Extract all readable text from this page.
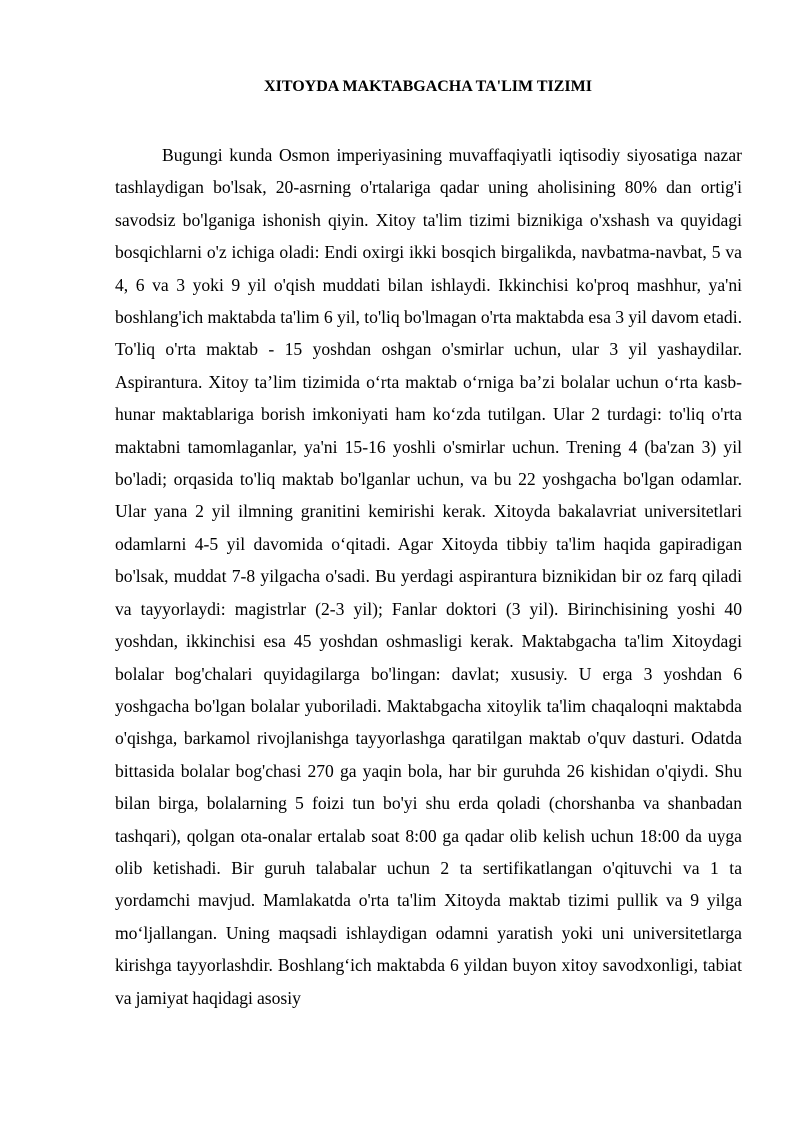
XITOYDA MAKTABGACHA TA'LIM TIZIMI

Bugungi kunda Osmon imperiyasining muvaffaqiyatli iqtisodiy siyosatiga nazar tashlaydigan bo'lsak, 20-asrning o'rtalariga qadar uning aholisining 80% dan ortig'i savodsiz bo'lganiga ishonish qiyin. Xitoy ta'lim tizimi biznikiga o'xshash va quyidagi bosqichlarni o'z ichiga oladi: Endi oxirgi ikki bosqich birgalikda, navbatma-navbat, 5 va 4, 6 va 3 yoki 9 yil o'qish muddati bilan ishlaydi. Ikkinchisi ko'proq mashhur, ya'ni boshlang'ich maktabda ta'lim 6 yil, to'liq bo'lmagan o'rta maktabda esa 3 yil davom etadi. To'liq o'rta maktab - 15 yoshdan oshgan o'smirlar uchun, ular 3 yil yashaydilar. Aspirantura. Xitoy ta’lim tizimida o‘rta maktab o‘rniga ba’zi bolalar uchun o‘rta kasb-hunar maktablariga borish imkoniyati ham ko‘zda tutilgan. Ular 2 turdagi: to'liq o'rta maktabni tamomlaganlar, ya'ni 15-16 yoshli o'smirlar uchun. Trening 4 (ba'zan 3) yil bo'ladi; orqasida to'liq maktab bo'lganlar uchun, va bu 22 yoshgacha bo'lgan odamlar. Ular yana 2 yil ilmning granitini kemirishi kerak. Xitoyda bakalavriat universitetlari odamlarni 4-5 yil davomida o‘qitadi. Agar Xitoyda tibbiy ta'lim haqida gapiradigan bo'lsak, muddat 7-8 yilgacha o'sadi. Bu yerdagi aspirantura biznikidan bir oz farq qiladi va tayyorlaydi: magistrlar (2-3 yil); Fanlar doktori (3 yil). Birinchisining yoshi 40 yoshdan, ikkinchisi esa 45 yoshdan oshmasligi kerak. Maktabgacha ta'lim Xitoydagi bolalar bog'chalari quyidagilarga bo'lingan: davlat; xususiy. U erga 3 yoshdan 6 yoshgacha bo'lgan bolalar yuboriladi. Maktabgacha xitoylik ta'lim chaqaloqni maktabda o'qishga, barkamol rivojlanishga tayyorlashga qaratilgan maktab o'quv dasturi. Odatda bittasida bolalar bog'chasi 270 ga yaqin bola, har bir guruhda 26 kishidan o'qiydi. Shu bilan birga, bolalarning 5 foizi tun bo'yi shu erda qoladi (chorshanba va shanbadan tashqari), qolgan ota-onalar ertalab soat 8:00 ga qadar olib kelish uchun 18:00 da uyga olib ketishadi. Bir guruh talabalar uchun 2 ta sertifikatlangan o'qituvchi va 1 ta yordamchi mavjud. Mamlakatda o'rta ta'lim Xitoyda maktab tizimi pullik va 9 yilga mo‘ljallangan. Uning maqsadi ishlaydigan odamni yaratish yoki uni universitetlarga kirishga tayyorlashdir. Boshlang‘ich maktabda 6 yildan buyon xitoy savodxonligi, tabiat va jamiyat haqidagi asosiy
